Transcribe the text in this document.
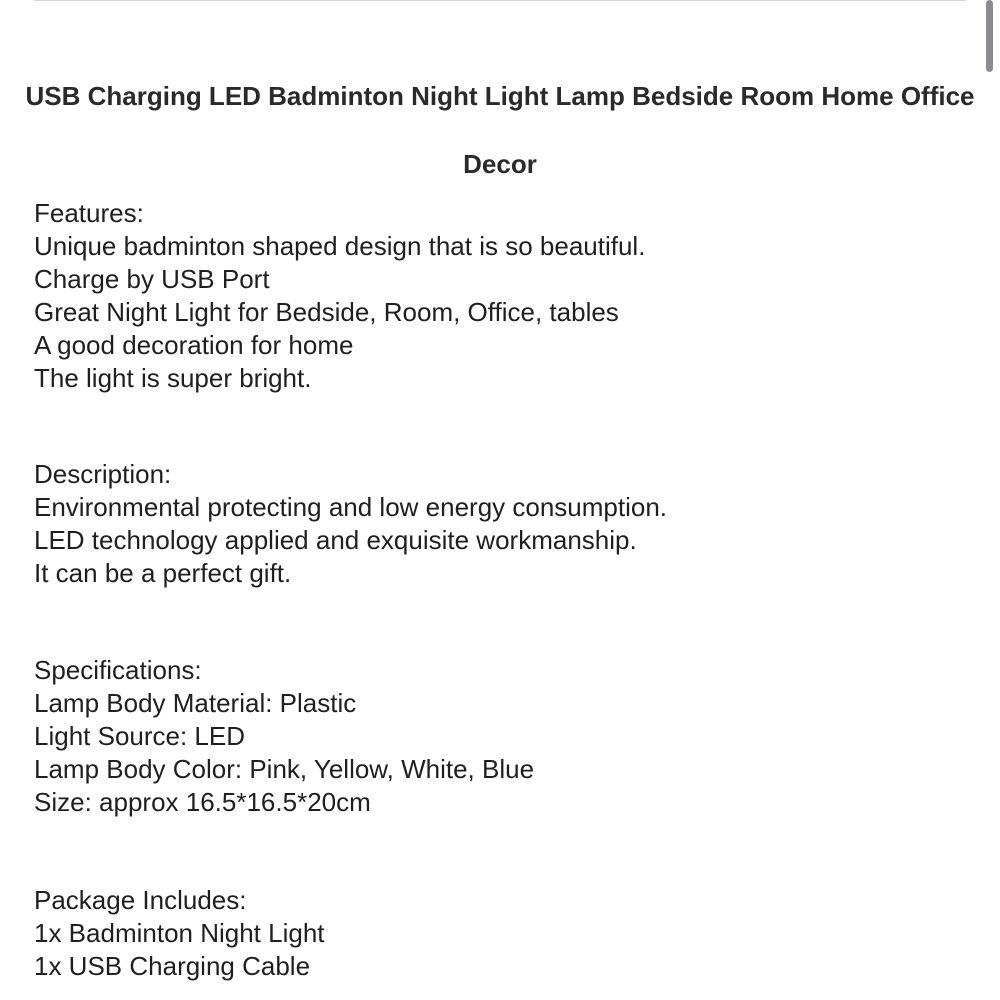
USB Charging LED Badminton Night Light Lamp Bedside Room Home Office Decor
Features:
Unique badminton shaped design that is so beautiful.
Charge by USB Port
Great Night Light for Bedside, Room, Office, tables
A good decoration for home
The light is super bright.
Description:
Environmental protecting and low energy consumption.
LED technology applied and exquisite workmanship.
It can be a perfect gift.
Specifications:
Lamp Body Material: Plastic
Light Source: LED
Lamp Body Color: Pink, Yellow, White, Blue
Size: approx 16.5*16.5*20cm
Package Includes:
1x Badminton Night Light
1x USB Charging Cable
